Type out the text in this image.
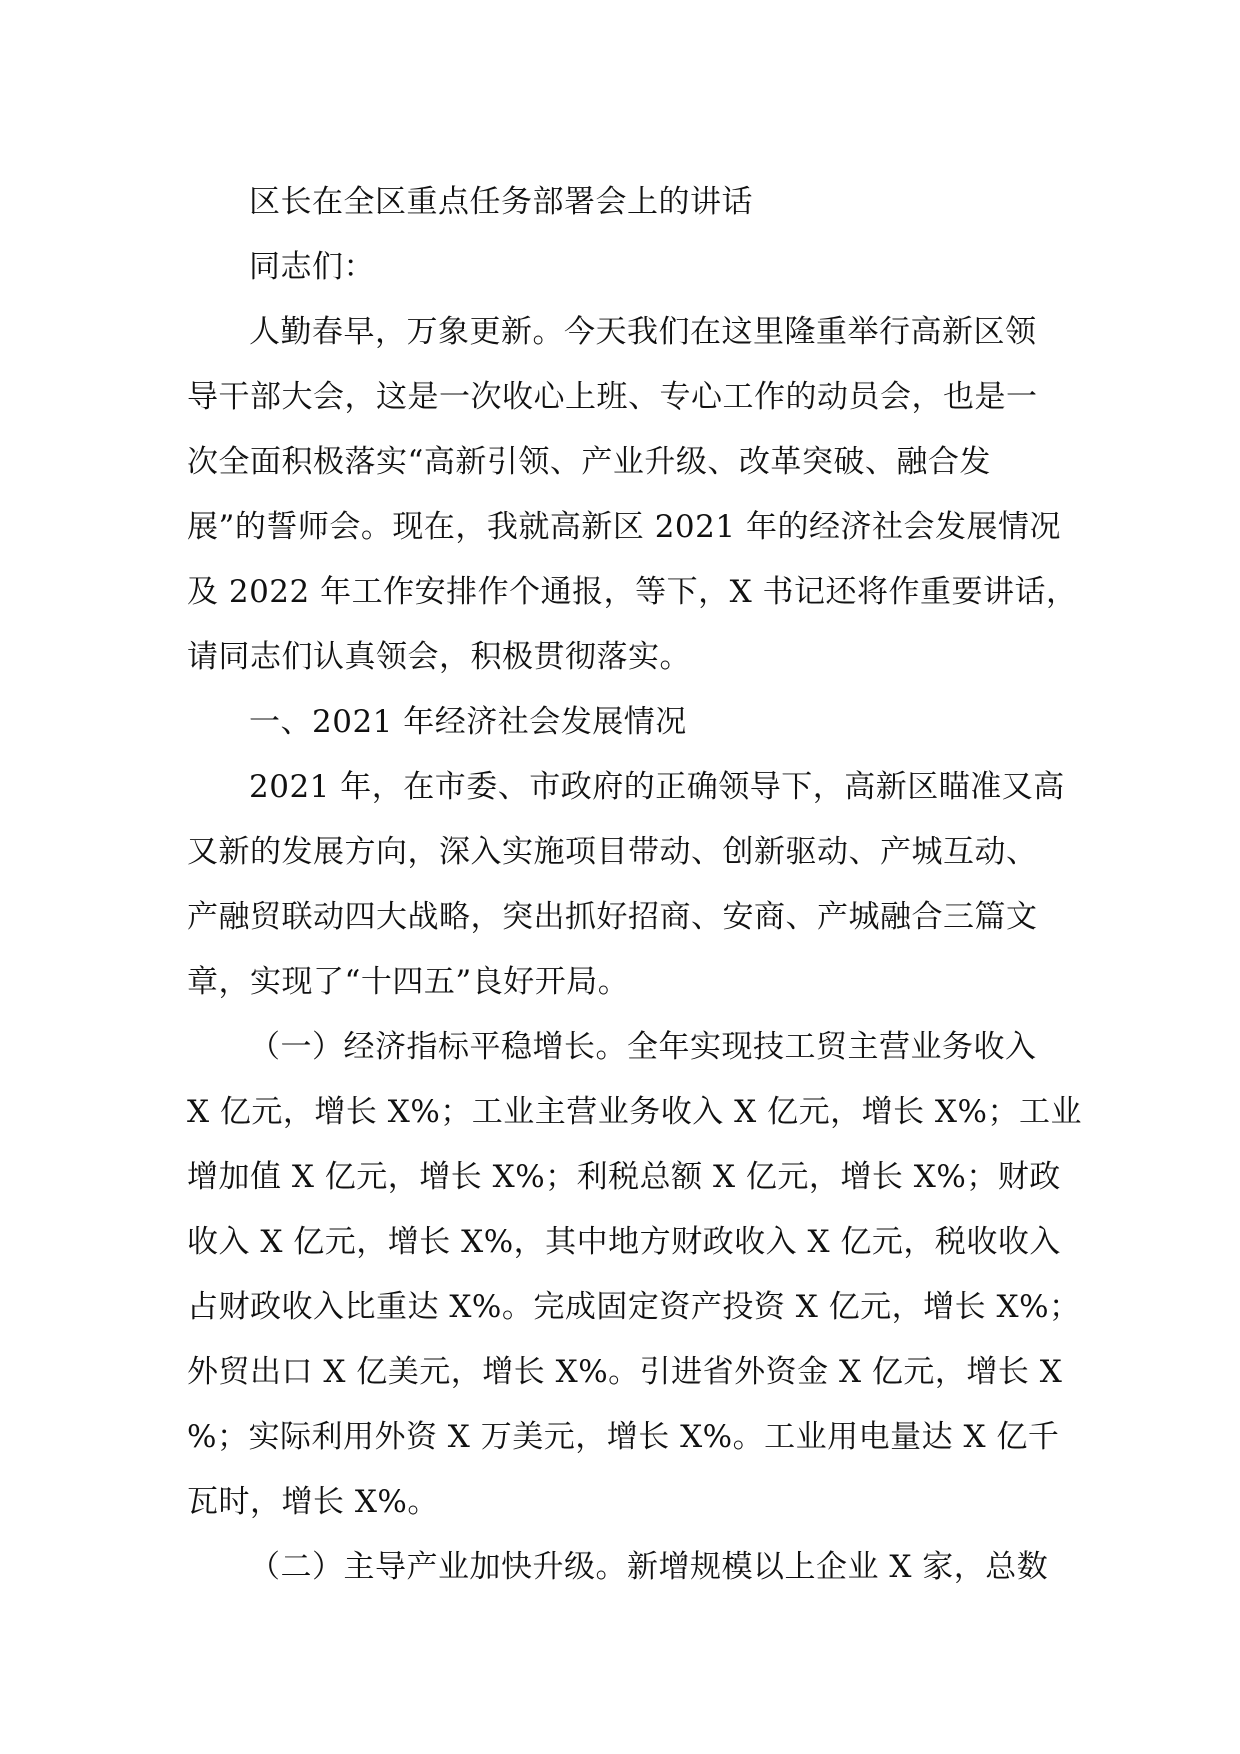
区长在全区重点任务部署会上的讲话

同志们：

人勤春早，万象更新。今天我们在这里隆重举行高新区领
导干部大会，这是一次收心上班、专心工作的动员会，也是一
次全面积极落实“高新引领、产业升级、改革突破、融合发
展”的誓师会。现在，我就高新区 2021 年的经济社会发展情况
及 2022 年工作安排作个通报，等下，X 书记还将作重要讲话，
请同志们认真领会，积极贯彻落实。

一、2021 年经济社会发展情况

2021 年，在市委、市政府的正确领导下，高新区瞄准又高
又新的发展方向，深入实施项目带动、创新驱动、产城互动、
产融贸联动四大战略，突出抓好招商、安商、产城融合三篇文
章，实现了“十四五”良好开局。

（一）经济指标平稳增长。全年实现技工贸主营业务收入
X 亿元，增长 X%；工业主营业务收入 X 亿元，增长 X%；工业
增加值 X 亿元，增长 X%；利税总额 X 亿元，增长 X%；财政
收入 X 亿元，增长 X%，其中地方财政收入 X 亿元，税收收入
占财政收入比重达 X%。完成固定资产投资 X 亿元，增长 X%；
外贸出口 X 亿美元，增长 X%。引进省外资金 X 亿元，增长 X
%；实际利用外资 X 万美元，增长 X%。工业用电量达 X 亿千
瓦时，增长 X%。

（二）主导产业加快升级。新增规模以上企业 X 家，总数
